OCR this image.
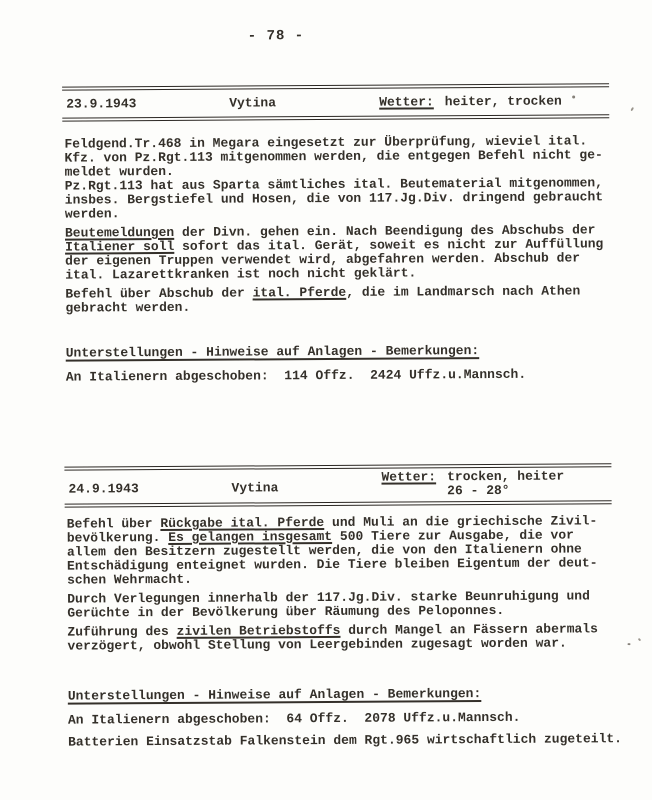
- 78 -
23.9.1943	Vytina	Wetter: heiter, trocken
Feldgend.Tr.468 in Megara eingesetzt zur Überprüfung, wieviel ital.
Kfz. von Pz.Rgt.113 mitgenommen werden, die entgegen Befehl nicht ge-
meldet wurden.
Pz.Rgt.113 hat aus Sparta sämtliches ital. Beutematerial mitgenommen,
insbes. Bergstiefel und Hosen, die von 117.Jg.Div. dringend gebraucht
werden.
Beutemeldungen der Divn. gehen ein. Nach Beendigung des Abschubs der
Italiener soll sofort das ital. Gerät, soweit es nicht zur Auffüllung
der eigenen Truppen verwendet wird, abgefahren werden. Abschub der
ital. Lazarettkranken ist noch nicht geklärt.
Befehl über Abschub der ital. Pferde, die im Landmarsch nach Athen
gebracht werden.
Unterstellungen - Hinweise auf Anlagen - Bemerkungen:
An Italienern abgeschoben:  114 Offz.  2424 Uffz.u.Mannsch.
24.9.1943	Vytina
Wetter: trocken, heiter
26 - 28°
Befehl über Rückgabe ital. Pferde und Muli an die griechische Zivil-
bevölkerung. Es gelangen insgesamt 500 Tiere zur Ausgabe, die vor
allem den Besitzern zugestellt werden, die von den Italienern ohne
Entschädigung enteignet wurden. Die Tiere bleiben Eigentum der deut-
schen Wehrmacht.
Durch Verlegungen innerhalb der 117.Jg.Div. starke Beunruhigung und
Gerüchte in der Bevölkerung über Räumung des Peloponnes.
Zuführung des zivilen Betriebstoffs durch Mangel an Fässern abermals
verzögert, obwohl Stellung von Leergebinden zugesagt worden war.
Unterstellungen - Hinweise auf Anlagen - Bemerkungen:
An Italienern abgeschoben:  64 Offz.  2078 Uffz.u.Mannsch.
Batterien Einsatzstab Falkenstein dem Rgt.965 wirtschaftlich zugeteilt.
